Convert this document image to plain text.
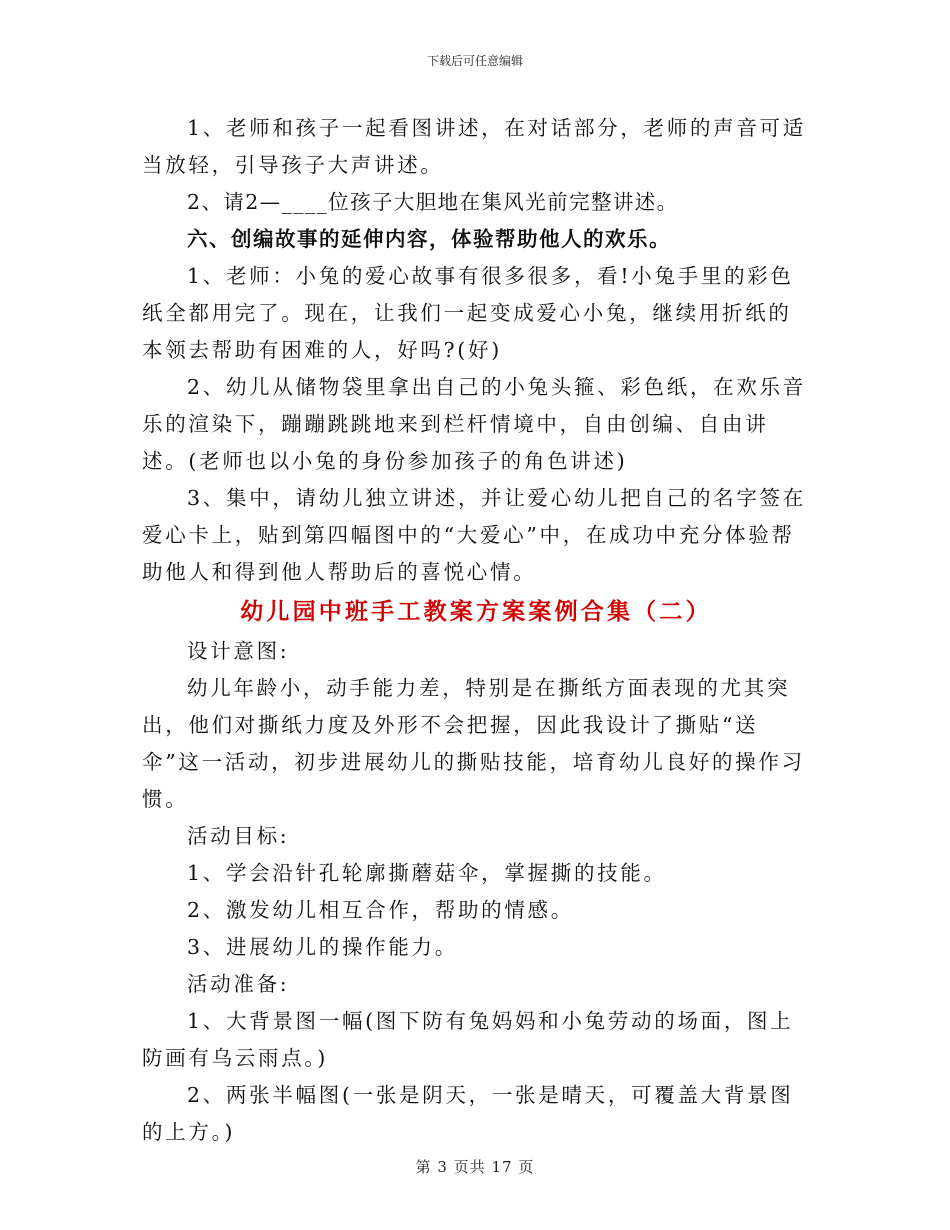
下载后可任意编辑

1、老师和孩子一起看图讲述，在对话部分，老师的声音可适当放轻，引导孩子大声讲述。

2、请2—____位孩子大胆地在集风光前完整讲述。

六、创编故事的延伸内容，体验帮助他人的欢乐。

1、老师：小兔的爱心故事有很多很多，看!小兔手里的彩色纸全都用完了。现在，让我们一起变成爱心小兔，继续用折纸的本领去帮助有困难的人，好吗?(好)

2、幼儿从储物袋里拿出自己的小兔头箍、彩色纸，在欢乐音乐的渲染下，蹦蹦跳跳地来到栏杆情境中，自由创编、自由讲述。(老师也以小兔的身份参加孩子的角色讲述)

3、集中，请幼儿独立讲述，并让爱心幼儿把自己的名字签在爱心卡上，贴到第四幅图中的“大爱心”中，在成功中充分体验帮助他人和得到他人帮助后的喜悦心情。

幼儿园中班手工教案方案案例合集（二）

设计意图:

幼儿年龄小，动手能力差，特别是在撕纸方面表现的尤其突出，他们对撕纸力度及外形不会把握，因此我设计了撕贴“送伞”这一活动，初步进展幼儿的撕贴技能，培育幼儿良好的操作习惯。

活动目标:

1、学会沿针孔轮廓撕蘑菇伞，掌握撕的技能。

2、激发幼儿相互合作，帮助的情感。

3、进展幼儿的操作能力。

活动准备:

1、大背景图一幅(图下防有兔妈妈和小兔劳动的场面，图上防画有乌云雨点。)

2、两张半幅图(一张是阴天，一张是晴天，可覆盖大背景图的上方。)

第 3 页共 17 页
